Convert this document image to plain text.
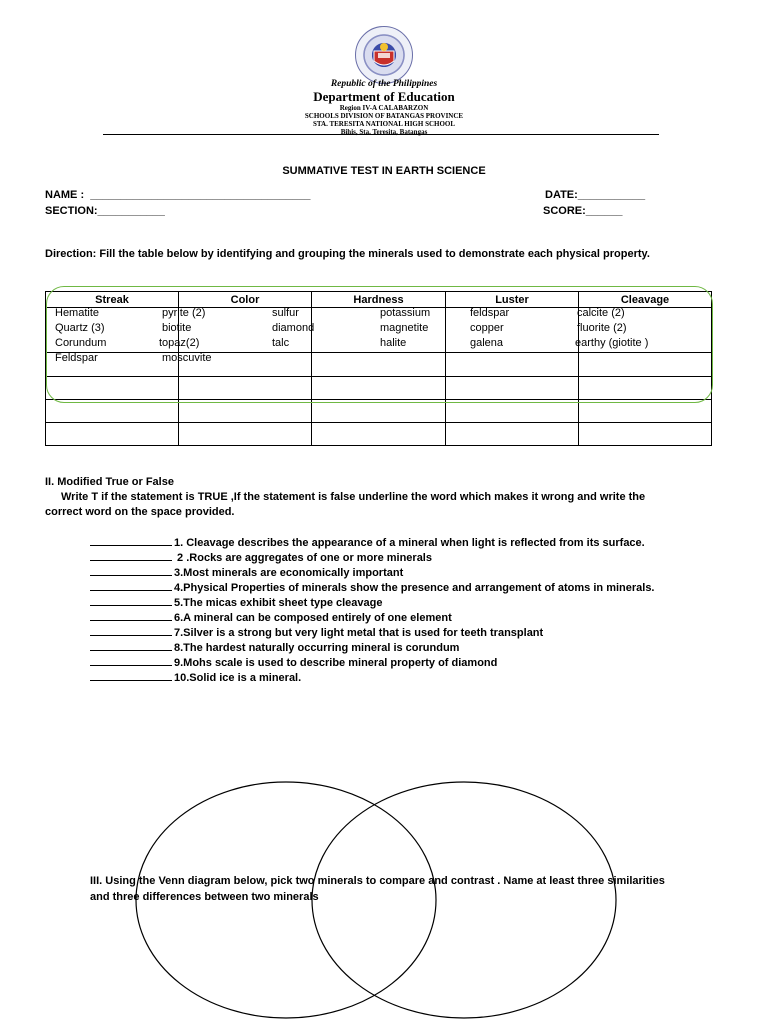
Republic of the Philippines
Department of Education
Region IV-A CALABARZON
SCHOOLS DIVISION OF BATANGAS PROVINCE
STA. TERESITA NATIONAL HIGH SCHOOL
Bihis, Sta. Teresita, Batangas
SUMMATIVE TEST IN EARTH SCIENCE
NAME :  ____________________________________	DATE:___________
SECTION:___________	SCORE:______
Direction: Fill the table below by identifying and grouping the minerals used to demonstrate each physical property.
Streak	Color	Hardness	Luster	Cleavage

Hematite	pyrite (2)	sulfur	potassium	feldspar	calcite (2)
Quartz (3)	biotite	diamond	magnetite	copper	fluorite (2)
Corundum	topaz(2)	talc	halite	galena	earthy (giotite )
Feldspar	moscuvite
II. Modified True or False
Write T if the statement is TRUE ,If the statement is false underline the word which makes it wrong and write the
correct word on the space provided.
1. Cleavage describes the appearance of a mineral when light is reflected from its surface.
2 .Rocks are aggregates of one or more minerals
3.Most minerals are economically important
4.Physical Properties of minerals show the presence and arrangement of atoms in minerals.
5.The micas exhibit sheet type cleavage
6.A mineral can be composed entirely of one element
7.Silver is a strong but very light metal that is used for teeth transplant
8.The hardest naturally occurring mineral is corundum
9.Mohs scale is used to describe mineral property of diamond
10.Solid ice is a mineral.
III. Using the Venn diagram below, pick two minerals to compare and contrast . Name at least three similarities
and three differences between two minerals
